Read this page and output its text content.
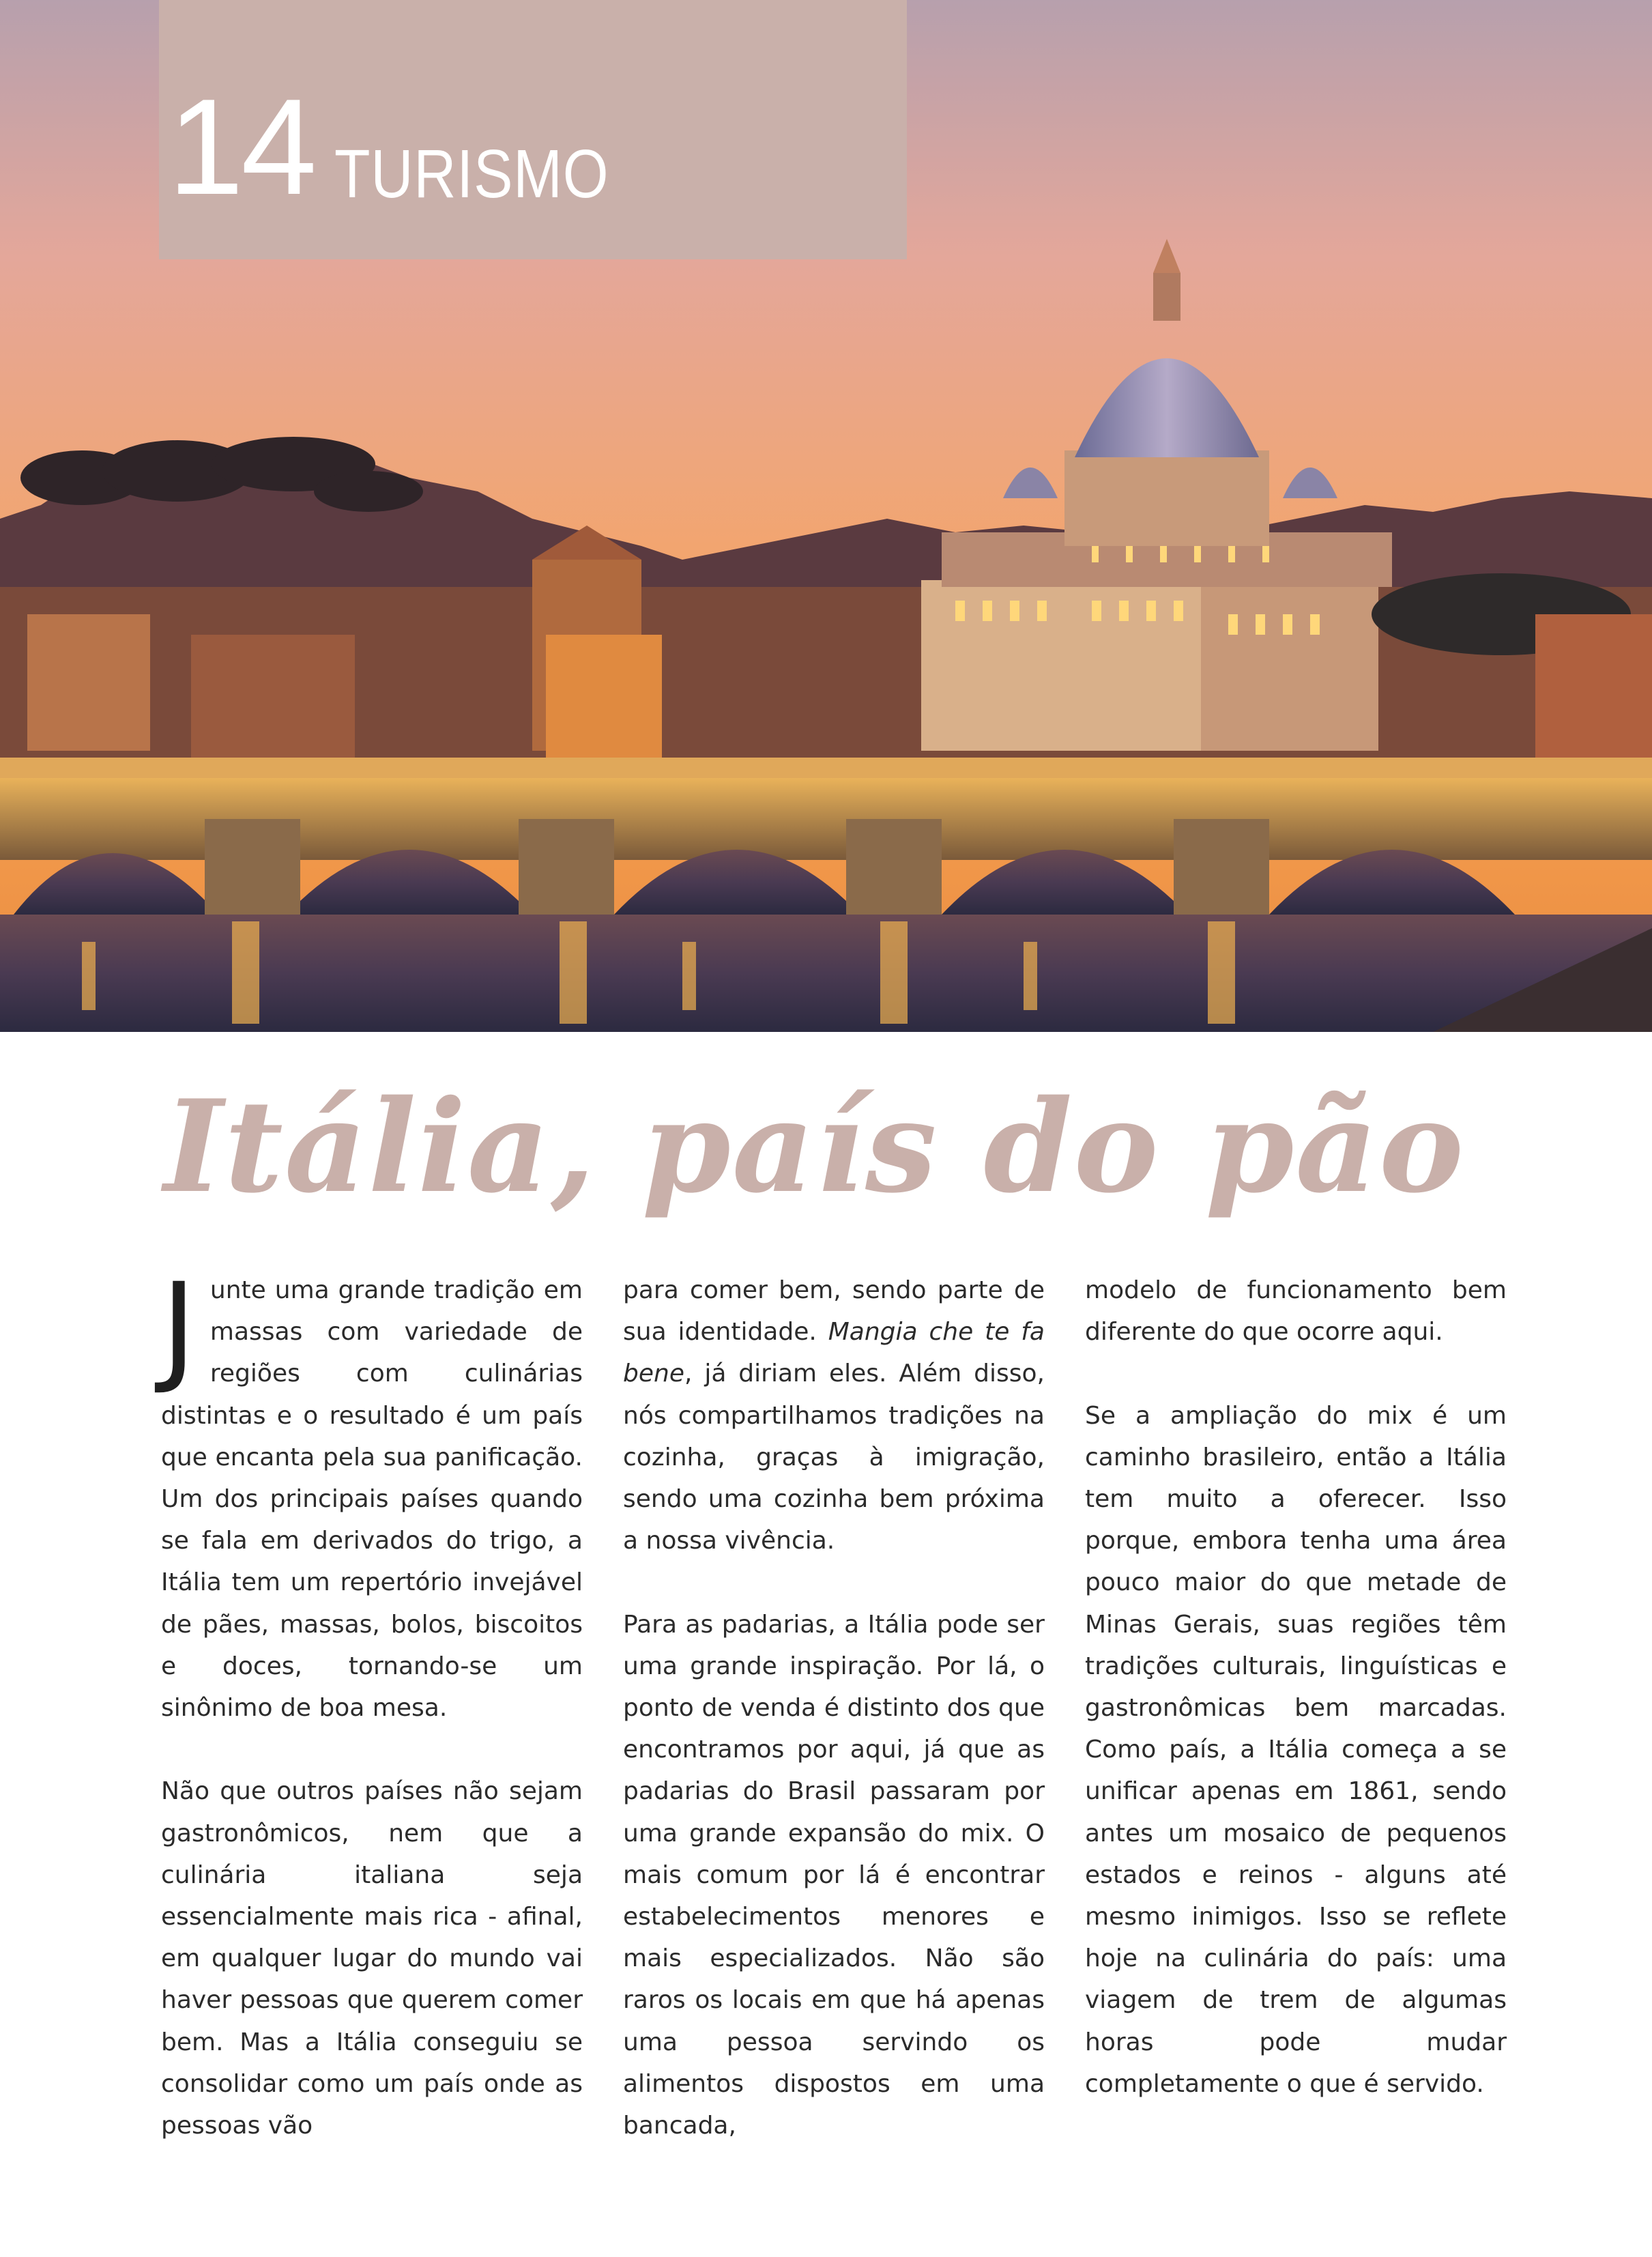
14 TURISMO
Itália, país do pão

Junte uma grande tradição em massas com variedade de regiões com culinárias distintas e o resultado é um país que encanta pela sua panificação. Um dos principais países quando se fala em derivados do trigo, a Itália tem um repertório invejável de pães, massas, bolos, biscoitos e doces, tornando-se um sinônimo de boa mesa.

Não que outros países não sejam gastronômicos, nem que a culinária italiana seja essencialmente mais rica - afinal, em qualquer lugar do mundo vai haver pessoas que querem comer bem. Mas a Itália conseguiu se consolidar como um país onde as pessoas vão

para comer bem, sendo parte de sua identidade. Mangia che te fa bene, já diriam eles. Além disso, nós compartilhamos tradições na cozinha, graças à imigração, sendo uma cozinha bem próxima a nossa vivência.

Para as padarias, a Itália pode ser uma grande inspiração. Por lá, o ponto de venda é distinto dos que encontramos por aqui, já que as padarias do Brasil passaram por uma grande expansão do mix. O mais comum por lá é encontrar estabelecimentos menores e mais especializados. Não são raros os locais em que há apenas uma pessoa servindo os alimentos dispostos em uma bancada,

modelo de funcionamento bem diferente do que ocorre aqui.

Se a ampliação do mix é um caminho brasileiro, então a Itália tem muito a oferecer. Isso porque, embora tenha uma área pouco maior do que metade de Minas Gerais, suas regiões têm tradições culturais, linguísticas e gastronômicas bem marcadas. Como país, a Itália começa a se unificar apenas em 1861, sendo antes um mosaico de pequenos estados e reinos - alguns até mesmo inimigos. Isso se reflete hoje na culinária do país: uma viagem de trem de algumas horas pode mudar completamente o que é servido.
